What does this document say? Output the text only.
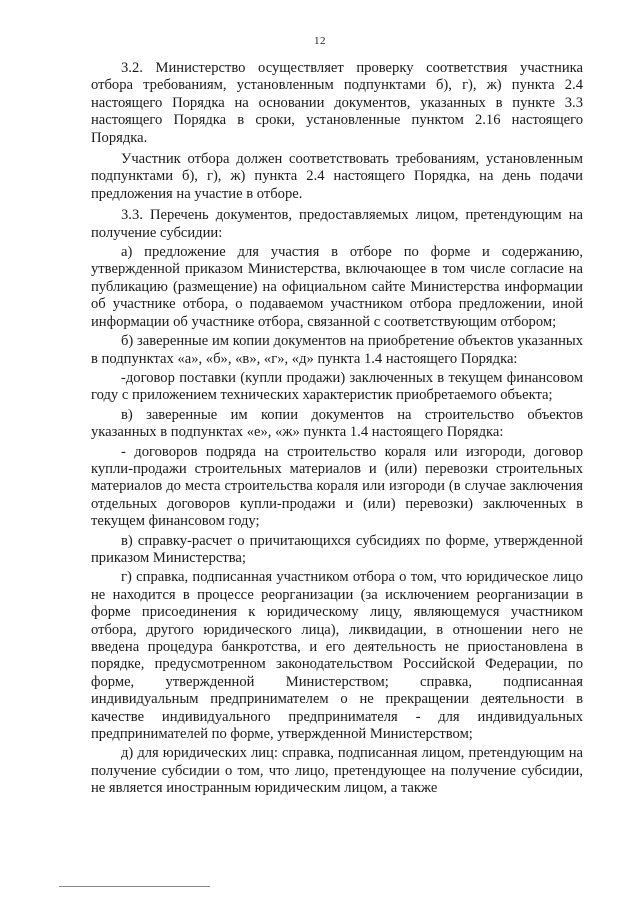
12

3.2. Министерство осуществляет проверку соответствия участника отбора требованиям, установленным подпунктами б), г), ж) пункта 2.4 настоящего Порядка на основании документов, указанных в пункте 3.3 настоящего Порядка в сроки, установленные пунктом 2.16 настоящего Порядка.

Участник отбора должен соответствовать требованиям, установленным подпунктами б), г), ж) пункта 2.4 настоящего Порядка, на день подачи предложения на участие в отборе.

3.3. Перечень документов, предоставляемых лицом, претендующим на получение субсидии:

а) предложение для участия в отборе по форме и содержанию, утвержденной приказом Министерства, включающее в том числе согласие на публикацию (размещение) на официальном сайте Министерства информации об участнике отбора, о подаваемом участником отбора предложении, иной информации об участнике отбора, связанной с соответствующим отбором;

б) заверенные им копии документов на приобретение объектов указанных в подпунктах «а», «б», «в», «г», «д» пункта 1.4 настоящего Порядка:

-договор поставки (купли продажи) заключенных в текущем финансовом году с приложением технических характеристик приобретаемого объекта;

в) заверенные им копии документов на строительство объектов указанных в подпунктах «е», «ж» пункта 1.4 настоящего Порядка:

- договоров подряда на строительство кораля или изгороди, договор купли-продажи строительных материалов и (или) перевозки строительных материалов до места строительства кораля или изгороди (в случае заключения отдельных договоров купли-продажи и (или) перевозки) заключенных в текущем финансовом году;

в) справку-расчет о причитающихся субсидиях по форме, утвержденной приказом Министерства;

г) справка, подписанная участником отбора о том, что юридическое лицо не находится в процессе реорганизации (за исключением реорганизации в форме присоединения к юридическому лицу, являющемуся участником отбора, другого юридического лица), ликвидации, в отношении него не введена процедура банкротства, и его деятельность не приостановлена в порядке, предусмотренном законодательством Российской Федерации, по форме, утвержденной Министерством; справка, подписанная индивидуальным предпринимателем о не прекращении деятельности в качестве индивидуального предпринимателя - для индивидуальных предпринимателей по форме, утвержденной Министерством;

д) для юридических лиц: справка, подписанная лицом, претендующим на получение субсидии о том, что лицо, претендующее на получение субсидии, не является иностранным юридическим лицом, а также
